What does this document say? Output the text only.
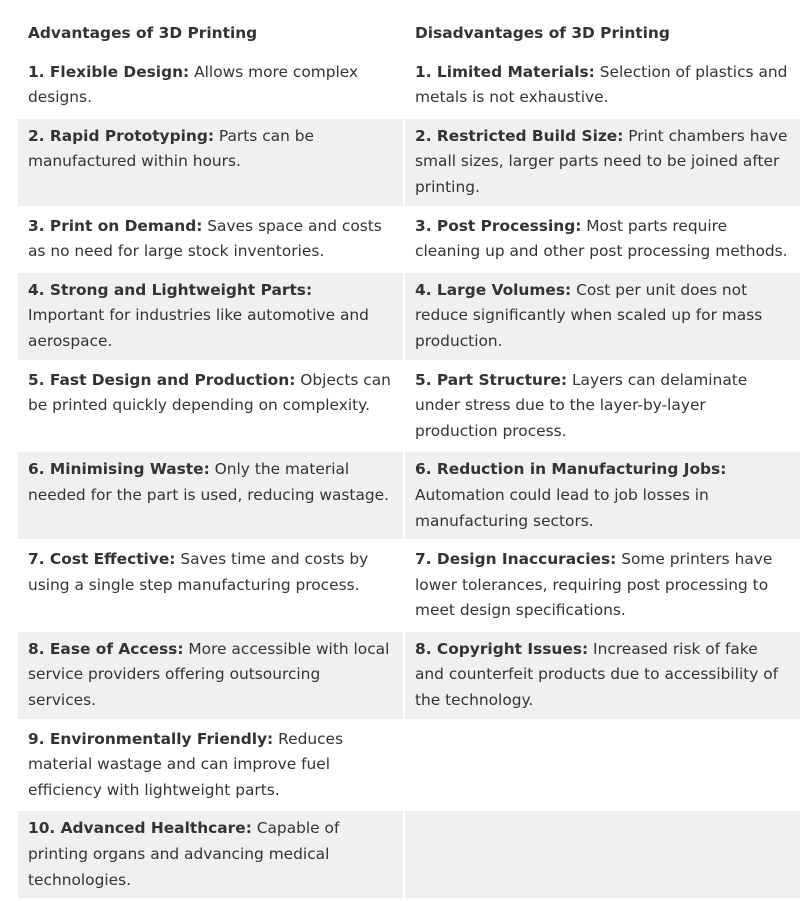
Advantages of 3D Printing	Disadvantages of 3D Printing
1. Flexible Design: Allows more complex designs.	1. Limited Materials: Selection of plastics and metals is not exhaustive.
2. Rapid Prototyping: Parts can be manufactured within hours.	2. Restricted Build Size: Print chambers have small sizes, larger parts need to be joined after printing.
3. Print on Demand: Saves space and costs as no need for large stock inventories.	3. Post Processing: Most parts require cleaning up and other post processing methods.
4. Strong and Lightweight Parts: Important for industries like automotive and aerospace.	4. Large Volumes: Cost per unit does not reduce significantly when scaled up for mass production.
5. Fast Design and Production: Objects can be printed quickly depending on complexity.	5. Part Structure: Layers can delaminate under stress due to the layer-by-layer production process.
6. Minimising Waste: Only the material needed for the part is used, reducing wastage.	6. Reduction in Manufacturing Jobs: Automation could lead to job losses in manufacturing sectors.
7. Cost Effective: Saves time and costs by using a single step manufacturing process.	7. Design Inaccuracies: Some printers have lower tolerances, requiring post processing to meet design specifications.
8. Ease of Access: More accessible with local service providers offering outsourcing services.	8. Copyright Issues: Increased risk of fake and counterfeit products due to accessibility of the technology.
9. Environmentally Friendly: Reduces material wastage and can improve fuel efficiency with lightweight parts.	
10. Advanced Healthcare: Capable of printing organs and advancing medical technologies.	
